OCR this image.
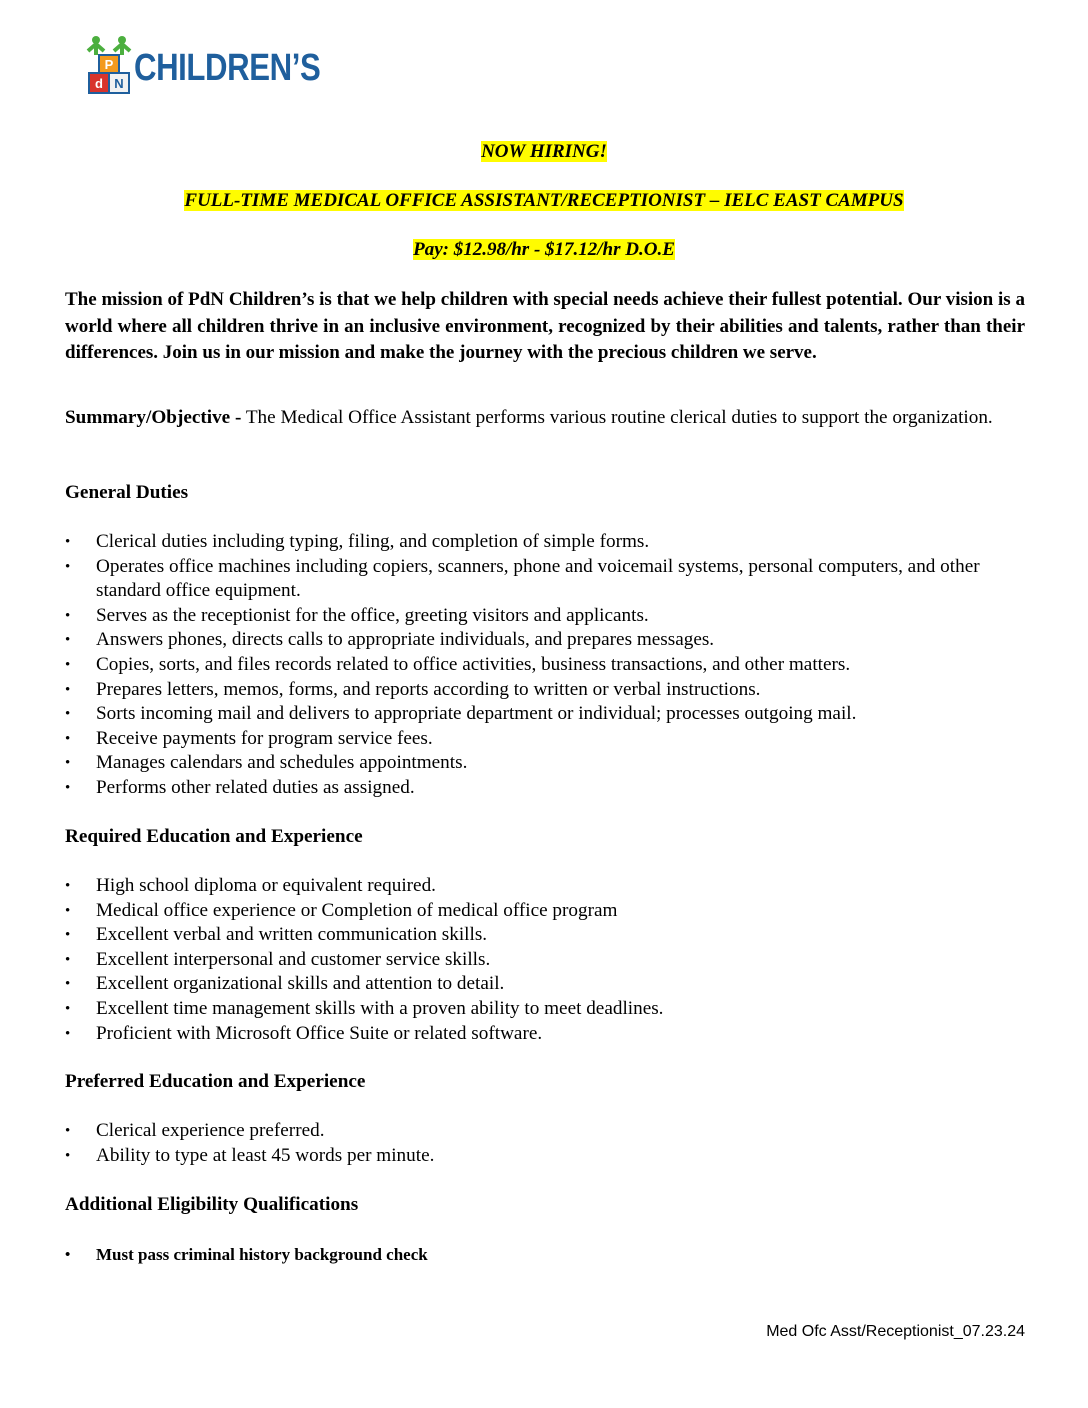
P
d N CHILDREN’S
NOW HIRING!
FULL-TIME MEDICAL OFFICE ASSISTANT/RECEPTIONIST – IELC EAST CAMPUS
Pay: $12.98/hr - $17.12/hr D.O.E

The mission of PdN Children’s is that we help children with special needs achieve their fullest potential. Our vision is a world where all children thrive in an inclusive environment, recognized by their abilities and talents, rather than their differences. Join us in our mission and make the journey with the precious children we serve.

Summary/Objective - The Medical Office Assistant performs various routine clerical duties to support the organization.

General Duties
• Clerical duties including typing, filing, and completion of simple forms.
• Operates office machines including copiers, scanners, phone and voicemail systems, personal computers, and other standard office equipment.
• Serves as the receptionist for the office, greeting visitors and applicants.
• Answers phones, directs calls to appropriate individuals, and prepares messages.
• Copies, sorts, and files records related to office activities, business transactions, and other matters.
• Prepares letters, memos, forms, and reports according to written or verbal instructions.
• Sorts incoming mail and delivers to appropriate department or individual; processes outgoing mail.
• Receive payments for program service fees.
• Manages calendars and schedules appointments.
• Performs other related duties as assigned.
Required Education and Experience
• High school diploma or equivalent required.
• Medical office experience or Completion of medical office program
• Excellent verbal and written communication skills.
• Excellent interpersonal and customer service skills.
• Excellent organizational skills and attention to detail.
• Excellent time management skills with a proven ability to meet deadlines.
• Proficient with Microsoft Office Suite or related software.
Preferred Education and Experience
• Clerical experience preferred.
• Ability to type at least 45 words per minute.
Additional Eligibility Qualifications
• Must pass criminal history background check
Med Ofc Asst/Receptionist_07.23.24
